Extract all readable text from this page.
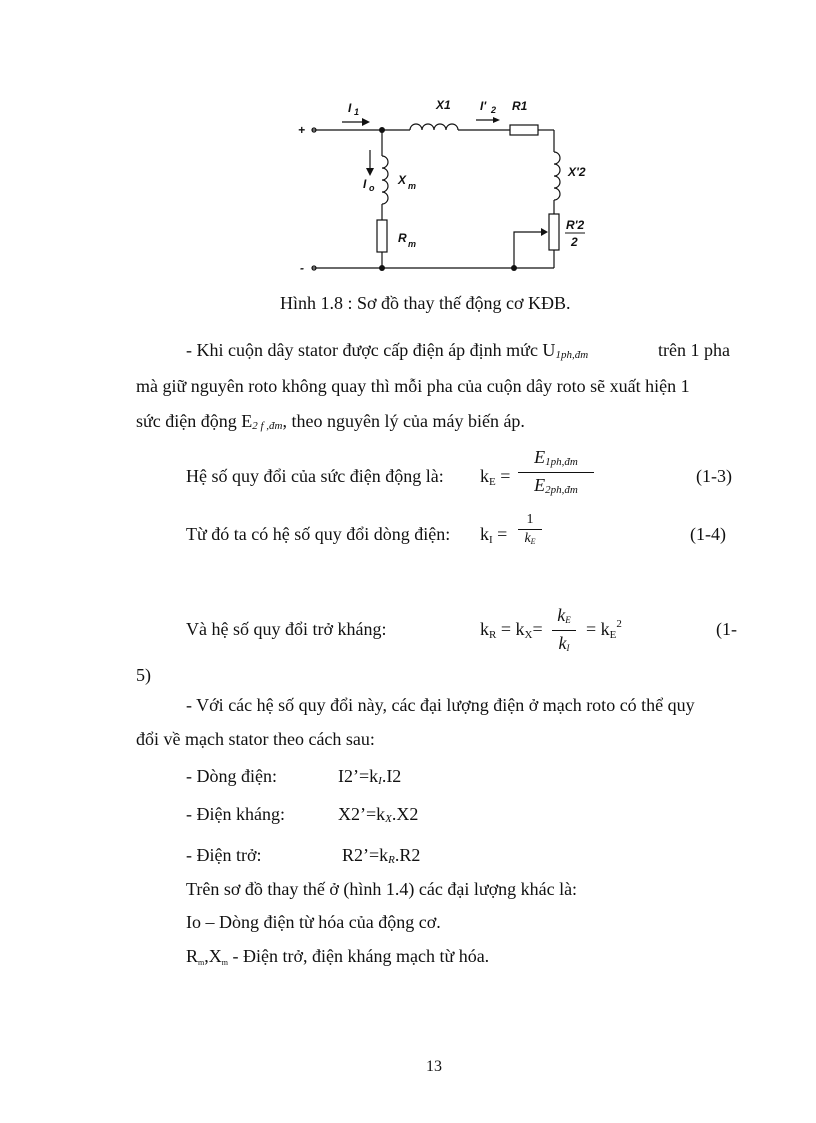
+
-
I 1	X1 I' 2 R1
I o
X m
R m
X'2
R'2
2
Hình 1.8 : Sơ đồ thay thế động cơ KĐB.
- Khi cuộn dây stator được cấp điện áp định mức U1ph,đm	trên 1 pha
mà giữ nguyên roto không quay thì mỗi pha của cuộn dây roto sẽ xuất hiện 1
sức điện động E2 f ,đm, theo nguyên lý của máy biến áp.
Hệ số quy đổi của sức điện động là: kE =
E1ph,đm
E2ph,đm
(1-3)
Từ đó ta có hệ số quy đổi dòng điện: kI =
1
kE	(1-4)
Và hệ số quy đổi trở kháng:	kR = kX=
kE
kI
= $kE^2$	(1-
5)
- Với các hệ số quy đổi này, các đại lượng điện ở mạch roto có thể quy
đổi về mạch stator theo cách sau:
- Dòng điện:	I2’=kI.I2
- Điện kháng:	X2’=kX.X2
- Điện trở:	R2’=kR.R2
Trên sơ đồ thay thế ở (hình 1.4) các đại lượng khác là:
Io – Dòng điện từ hóa của động cơ.
Rm,Xm - Điện trở, điện kháng mạch từ hóa.
13
